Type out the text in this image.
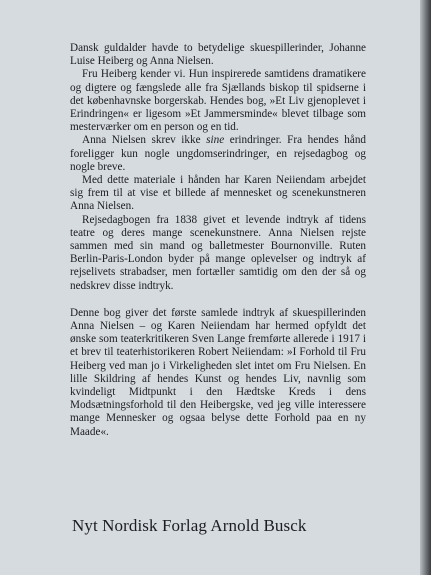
Dansk guldalder havde to betydelige skuespillerinder, Johanne Luise Heiberg og Anna Nielsen.

Fru Heiberg kender vi. Hun inspirerede samtidens dramatikere og digtere og fængslede alle fra Sjællands biskop til spidserne i det københavnske borgerskab. Hendes bog, »Et Liv gjenoplevet i Erindringen« er ligesom »Et Jammersminde« blevet tilbage som mesterværker om en person og en tid.

Anna Nielsen skrev ikke sine erindringer. Fra hendes hånd foreligger kun nogle ungdomserindringer, en rejsedagbog og nogle breve.

Med dette materiale i hånden har Karen Neiiendam arbejdet sig frem til at vise et billede af mennesket og scenekunstneren Anna Nielsen.

Rejsedagbogen fra 1838 givet et levende indtryk af tidens teatre og deres mange scenekunstnere. Anna Nielsen rejste sammen med sin mand og balletmester Bournonville. Ruten Berlin-Paris-London byder på mange oplevelser og indtryk af rejselivets strabadser, men fortæller samtidig om den der så og nedskrev disse indtryk.

Denne bog giver det første samlede indtryk af skuespillerinden Anna Nielsen – og Karen Neiiendam har hermed opfyldt det ønske som teaterkritikeren Sven Lange fremførte allerede i 1917 i et brev til teaterhistorikeren Robert Neiiendam: »I Forhold til Fru Heiberg ved man jo i Virkeligheden slet intet om Fru Nielsen. En lille Skildring af hendes Kunst og hendes Liv, navnlig som kvindeligt Midtpunkt i den Hædtske Kreds i dens Modsætningsforhold til den Heibergske, ved jeg ville interessere mange Mennesker og ogsaa belyse dette Forhold paa en ny Maade«.

Nyt Nordisk Forlag Arnold Busck
